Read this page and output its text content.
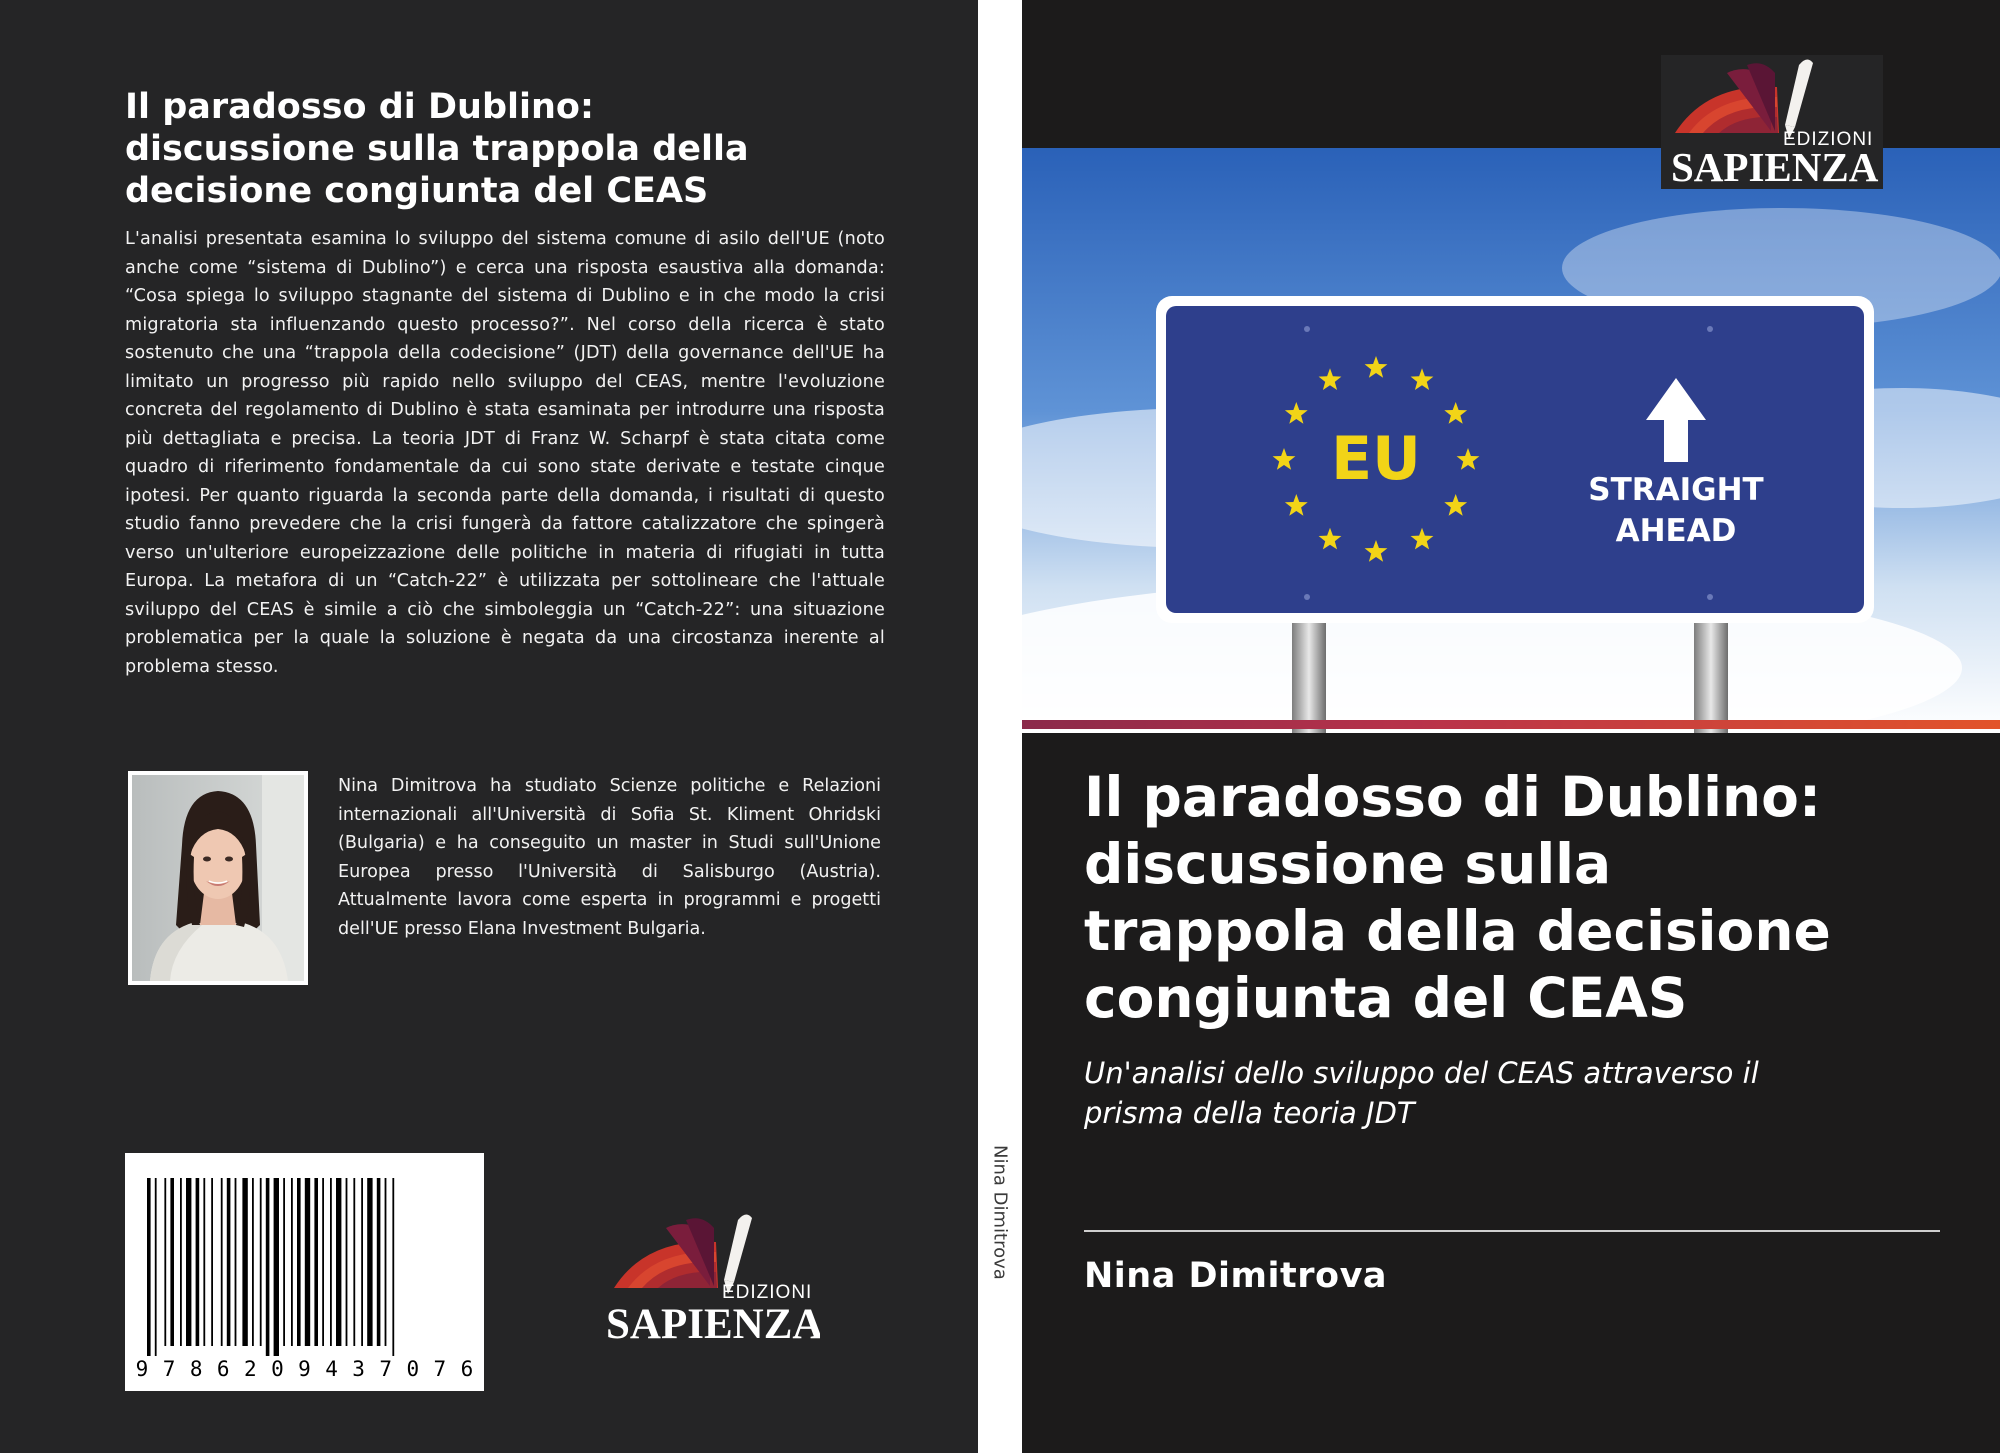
Il paradosso di Dublino:
discussione sulla trappola della
decisione congiunta del CEAS

L'analisi presentata esamina lo sviluppo del sistema comune di asilo dell'UE (noto anche come “sistema di Dublino”) e cerca una risposta esaustiva alla domanda: “Cosa spiega lo sviluppo stagnante del sistema di Dublino e in che modo la crisi migratoria sta influenzando questo processo?”. Nel corso della ricerca è stato sostenuto che una “trappola della codecisione” (JDT) della governance dell'UE ha limitato un progresso più rapido nello sviluppo del CEAS, mentre l'evoluzione concreta del regolamento di Dublino è stata esaminata per introdurre una risposta più dettagliata e precisa. La teoria JDT di Franz W. Scharpf è stata citata come quadro di riferimento fondamentale da cui sono state derivate e testate cinque ipotesi. Per quanto riguarda la seconda parte della domanda, i risultati di questo studio fanno prevedere che la crisi fungerà da fattore catalizzatore che spingerà verso un'ulteriore europeizzazione delle politiche in materia di rifugiati in tutta Europa. La metafora di un “Catch-22” è utilizzata per sottolineare che l'attuale sviluppo del CEAS è simile a ciò che simboleggia un “Catch-22”: una situazione problematica per la quale la soluzione è negata da una circostanza inerente al problema stesso.

Nina Dimitrova ha studiato Scienze politiche e Relazioni internazionali all'Università di Sofia St. Kliment Ohridski (Bulgaria) e ha conseguito un master in Studi sull'Unione Europea presso l'Università di Salisburgo (Austria). Attualmente lavora come esperta in programmi e progetti dell'UE presso Elana Investment Bulgaria.

9 7 8 6 2 0 9 4 3 7 0 7 6
EDIZIONI
SAPIENZA
Nina Dimitrova
EU	STRAIGHT
AHEAD
EDIZIONI
SAPIENZA
Il paradosso di Dublino:
discussione sulla
trappola della decisione
congiunta del CEAS

Un'analisi dello sviluppo del CEAS attraverso il
prisma della teoria JDT

Nina Dimitrova
